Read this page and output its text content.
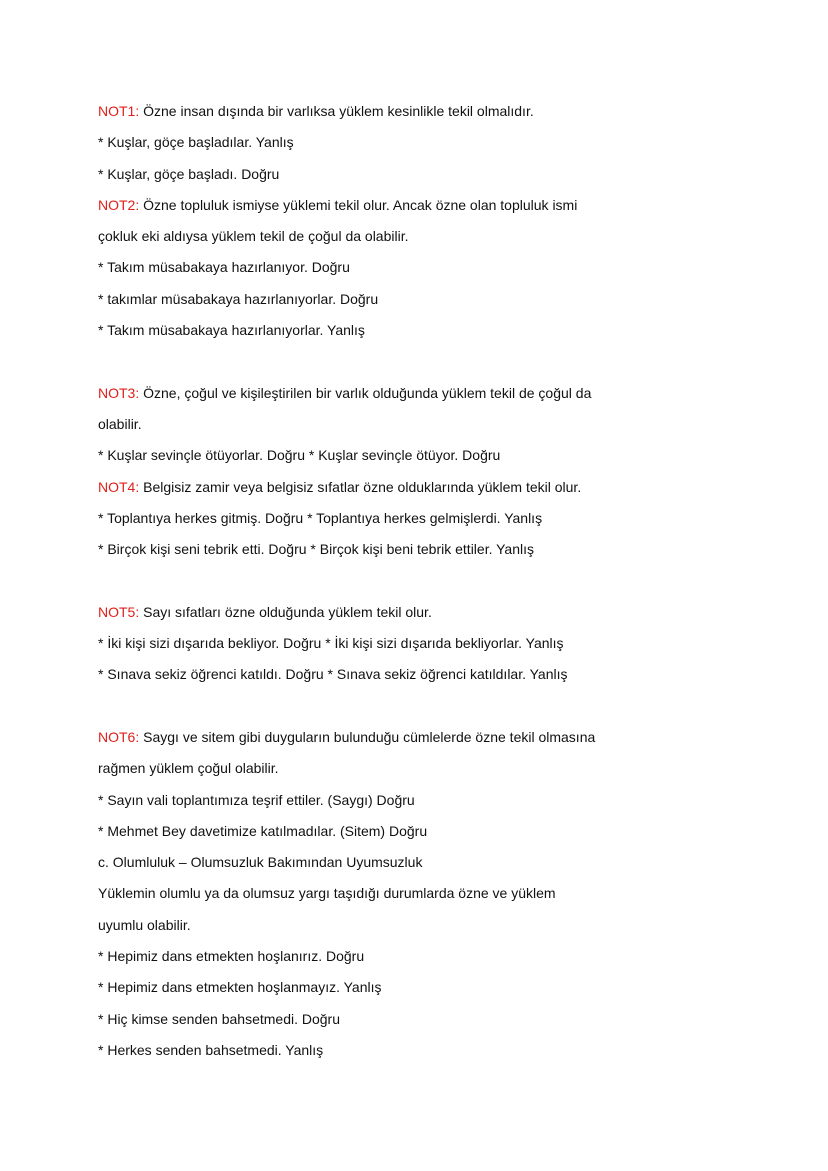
NOT1: Özne insan dışında bir varlıksa yüklem kesinlikle tekil olmalıdır.
* Kuşlar, göçe başladılar. Yanlış
* Kuşlar, göçe başladı. Doğru
NOT2: Özne topluluk ismiyse yüklemi tekil olur. Ancak özne olan topluluk ismi
çokluk eki aldıysa yüklem tekil de çoğul da olabilir.
* Takım müsabakaya hazırlanıyor. Doğru
* takımlar müsabakaya hazırlanıyorlar. Doğru
* Takım müsabakaya hazırlanıyorlar. Yanlış
NOT3: Özne, çoğul ve kişileştirilen bir varlık olduğunda yüklem tekil de çoğul da
olabilir.
* Kuşlar sevinçle ötüyorlar. Doğru * Kuşlar sevinçle ötüyor. Doğru
NOT4: Belgisiz zamir veya belgisiz sıfatlar özne olduklarında yüklem tekil olur.
* Toplantıya herkes gitmiş. Doğru * Toplantıya herkes gelmişlerdi. Yanlış
* Birçok kişi seni tebrik etti. Doğru * Birçok kişi beni tebrik ettiler. Yanlış
NOT5: Sayı sıfatları özne olduğunda yüklem tekil olur.
* İki kişi sizi dışarıda bekliyor. Doğru * İki kişi sizi dışarıda bekliyorlar. Yanlış
* Sınava sekiz öğrenci katıldı. Doğru * Sınava sekiz öğrenci katıldılar. Yanlış
NOT6: Saygı ve sitem gibi duyguların bulunduğu cümlelerde özne tekil olmasına
rağmen yüklem çoğul olabilir.
* Sayın vali toplantımıza teşrif ettiler. (Saygı) Doğru
* Mehmet Bey davetimize katılmadılar. (Sitem) Doğru
c. Olumluluk – Olumsuzluk Bakımından Uyumsuzluk
Yüklemin olumlu ya da olumsuz yargı taşıdığı durumlarda özne ve yüklem
uyumlu olabilir.
* Hepimiz dans etmekten hoşlanırız. Doğru
* Hepimiz dans etmekten hoşlanmayız. Yanlış
* Hiç kimse senden bahsetmedi. Doğru
* Herkes senden bahsetmedi. Yanlış
